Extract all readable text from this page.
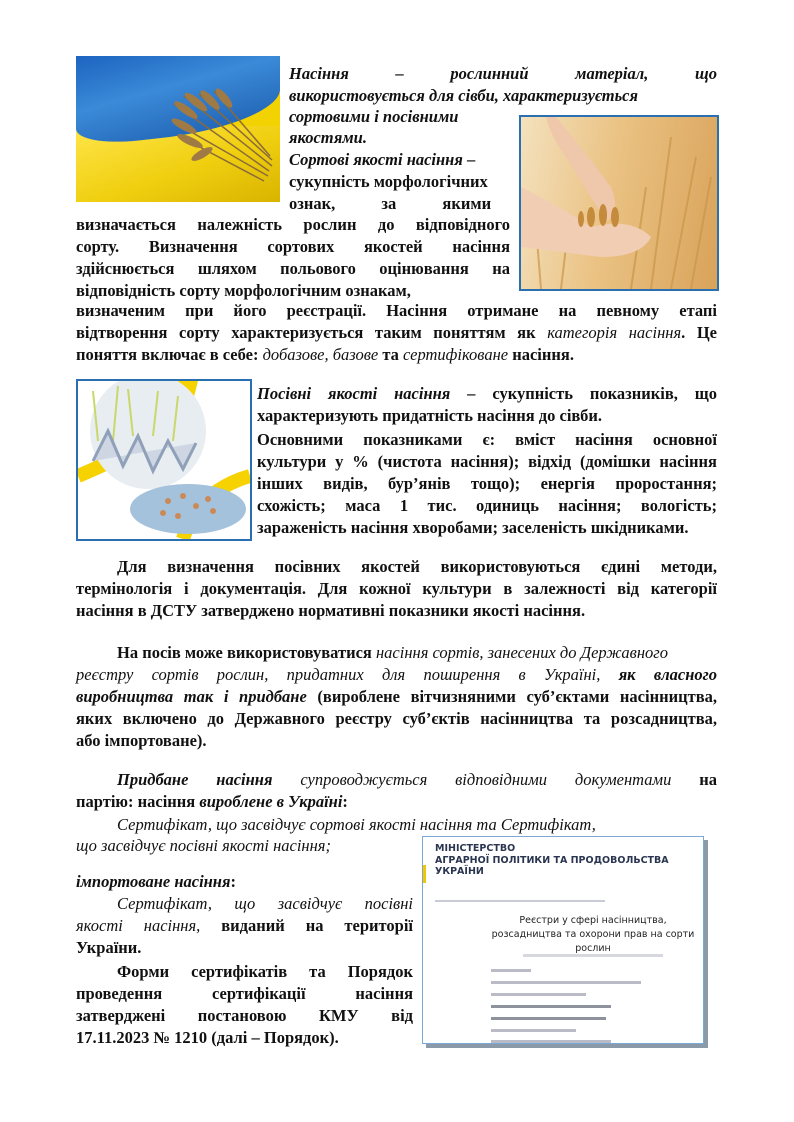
МІНІСТЕРСТВО
АГРАРНОЇ ПОЛІТИКИ ТА ПРОДОВОЛЬСТВА
УКРАЇНИ
Реєстри у сфері насінництва, розсадництва та охорони прав на сорти рослин
Насіння – рослинний матеріал,	що
використовується для сівби, характеризується
сортовими і посівними
якостями.
Сортові якості насіння –
сукупність морфологічних
ознак, за якими
визначається належність рослин до відповідного
сорту. Визначення сортових якостей насіння
здійснюється шляхом польового оцінювання на
відповідність сорту морфологічним ознакам,
визначеним при його реєстрації. Насіння отримане на певному етапі
відтворення сорту характеризується таким поняттям як категорія насіння. Це
поняття включає в себе: добазове, базове та сертифіковане насіння.
Посівні якості насіння – сукупність показників, що
характеризують придатність насіння до сівби.
Основними показниками є: вміст насіння основної
культури у % (чистота насіння); відхід (домішки насіння
інших видів, бур’янів тощо); енергія проростання;
схожість; маса 1 тис. одиниць насіння; вологість;
зараженість насіння хворобами; заселеність шкідниками.
Для визначення посівних якостей використовуються єдині методи,
термінологія і документація. Для кожної культури в залежності від категорії
насіння в ДСТУ затверджено нормативні показники якості насіння.
На посів може використовуватися насіння сортів, занесених до Державного
реєстру сортів рослин, придатних для поширення в Україні, як власного
виробництва так і придбане (вироблене вітчизняними суб’єктами насінництва,
яких включено до Державного реєстру суб’єктів насінництва та розсадництва,
або імпортоване).
Придбане насіння супроводжується відповідними документами на
партію: насіння вироблене в Україні:
Сертифікат, що засвідчує сортові якості насіння та Сертифікат,
що засвідчує посівні якості насіння;
імпортоване насіння:
Сертифікат, що засвідчує посівні
якості насіння, виданий на території
України.
Форми сертифікатів та Порядок
проведення сертифікації насіння
затверджені постановою КМУ від
17.11.2023 № 1210 (далі – Порядок).
